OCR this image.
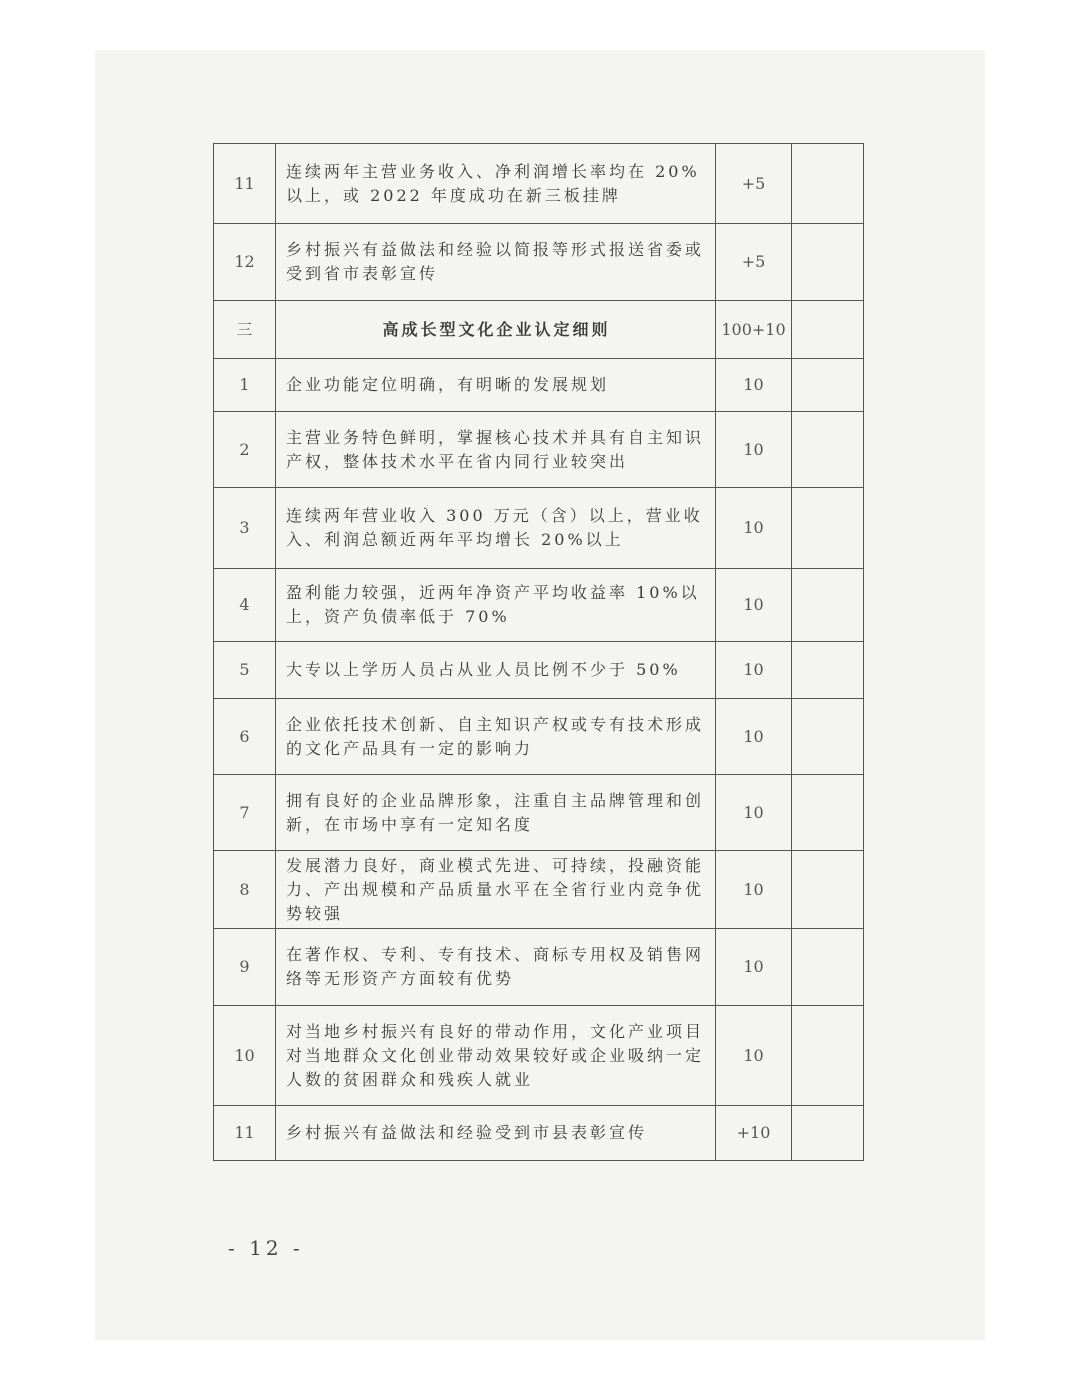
11	连续两年主营业务收入、净利润增长率均在 20%以上，或 2022 年度成功在新三板挂牌	+5	
12	乡村振兴有益做法和经验以简报等形式报送省委或受到省市表彰宣传	+5	
三	高成长型文化企业认定细则	100+10	
1	企业功能定位明确，有明晰的发展规划	10	
2	主营业务特色鲜明，掌握核心技术并具有自主知识产权，整体技术水平在省内同行业较突出	10	
3	连续两年营业收入 300 万元（含）以上，营业收入、利润总额近两年平均增长 20%以上	10	
4	盈利能力较强，近两年净资产平均收益率 10%以上，资产负债率低于 70%	10	
5	大专以上学历人员占从业人员比例不少于 50%	10	
6	企业依托技术创新、自主知识产权或专有技术形成的文化产品具有一定的影响力	10	
7	拥有良好的企业品牌形象，注重自主品牌管理和创新，在市场中享有一定知名度	10	
8	发展潜力良好，商业模式先进、可持续，投融资能力、产出规模和产品质量水平在全省行业内竞争优势较强	10	
9	在著作权、专利、专有技术、商标专用权及销售网络等无形资产方面较有优势	10	
10	对当地乡村振兴有良好的带动作用，文化产业项目对当地群众文化创业带动效果较好或企业吸纳一定人数的贫困群众和残疾人就业	10	
11	乡村振兴有益做法和经验受到市县表彰宣传	+10	
- 12 -
